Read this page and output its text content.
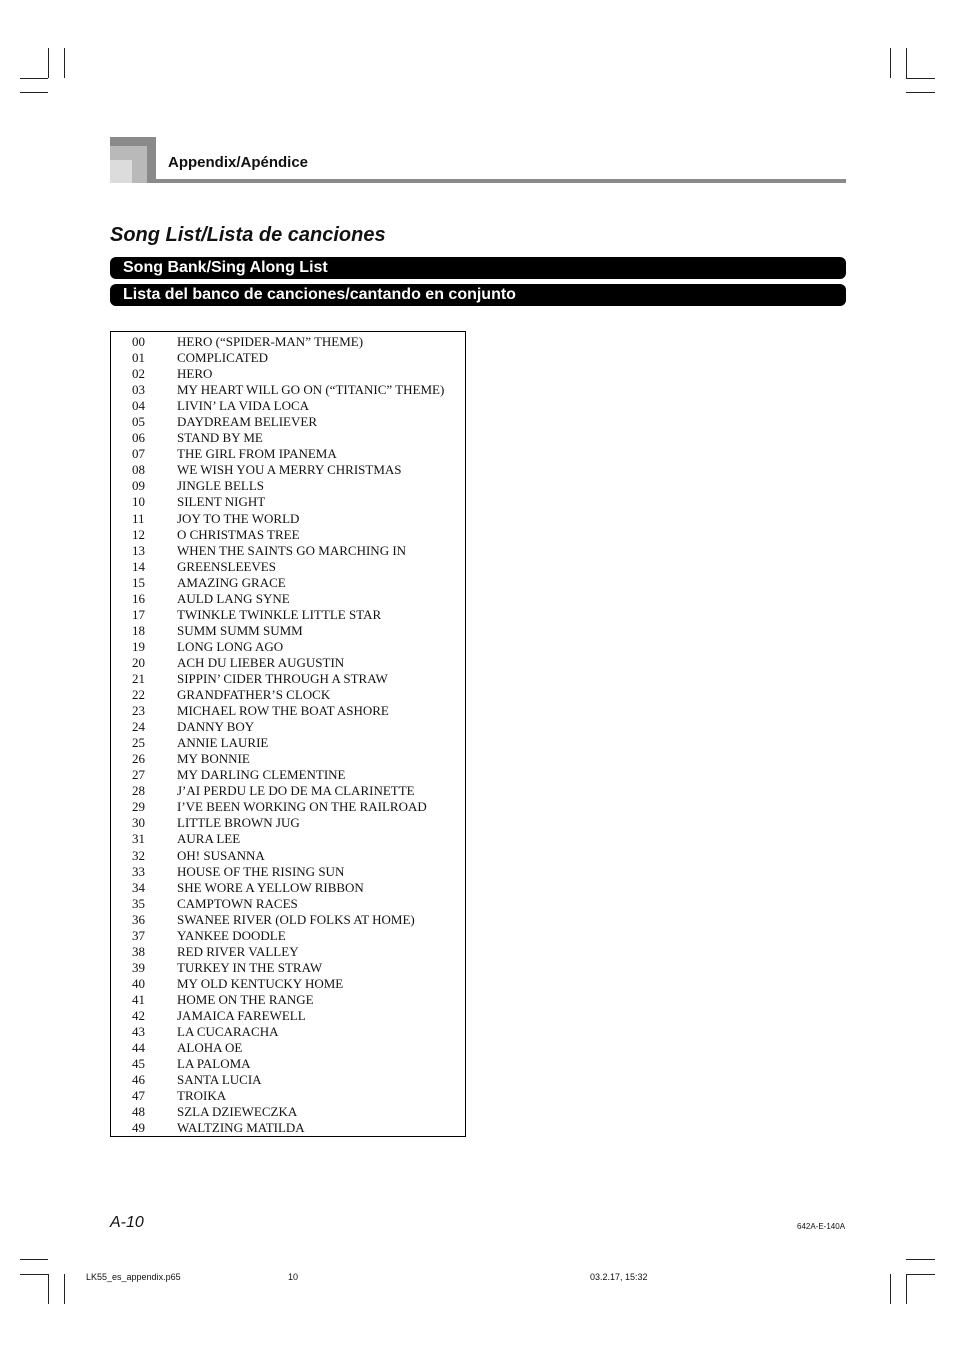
Appendix/Apéndice
Song List/Lista de canciones
Song Bank/Sing Along List
Lista del banco de canciones/cantando en conjunto
00 HERO (“SPIDER-MAN” THEME)
01 COMPLICATED
02 HERO
03 MY HEART WILL GO ON (“TITANIC” THEME)
04 LIVIN’ LA VIDA LOCA
05 DAYDREAM BELIEVER
06 STAND BY ME
07 THE GIRL FROM IPANEMA
08 WE WISH YOU A MERRY CHRISTMAS
09 JINGLE BELLS
10 SILENT NIGHT
11 JOY TO THE WORLD
12 O CHRISTMAS TREE
13 WHEN THE SAINTS GO MARCHING IN
14 GREENSLEEVES
15 AMAZING GRACE
16 AULD LANG SYNE
17 TWINKLE TWINKLE LITTLE STAR
18 SUMM SUMM SUMM
19 LONG LONG AGO
20 ACH DU LIEBER AUGUSTIN
21 SIPPIN’ CIDER THROUGH A STRAW
22 GRANDFATHER’S CLOCK
23 MICHAEL ROW THE BOAT ASHORE
24 DANNY BOY
25 ANNIE LAURIE
26 MY BONNIE
27 MY DARLING CLEMENTINE
28 J’AI PERDU LE DO DE MA CLARINETTE
29 I’VE BEEN WORKING ON THE RAILROAD
30 LITTLE BROWN JUG
31 AURA LEE
32 OH! SUSANNA
33 HOUSE OF THE RISING SUN
34 SHE WORE A YELLOW RIBBON
35 CAMPTOWN RACES
36 SWANEE RIVER (OLD FOLKS AT HOME)
37 YANKEE DOODLE
38 RED RIVER VALLEY
39 TURKEY IN THE STRAW
40 MY OLD KENTUCKY HOME
41 HOME ON THE RANGE
42 JAMAICA FAREWELL
43 LA CUCARACHA
44 ALOHA OE
45 LA PALOMA
46 SANTA LUCIA
47 TROIKA
48 SZLA DZIEWECZKA
49 WALTZING MATILDA
A-10	642A-E-140A
LK55_es_appendix.p65	10	03.2.17, 15:32
